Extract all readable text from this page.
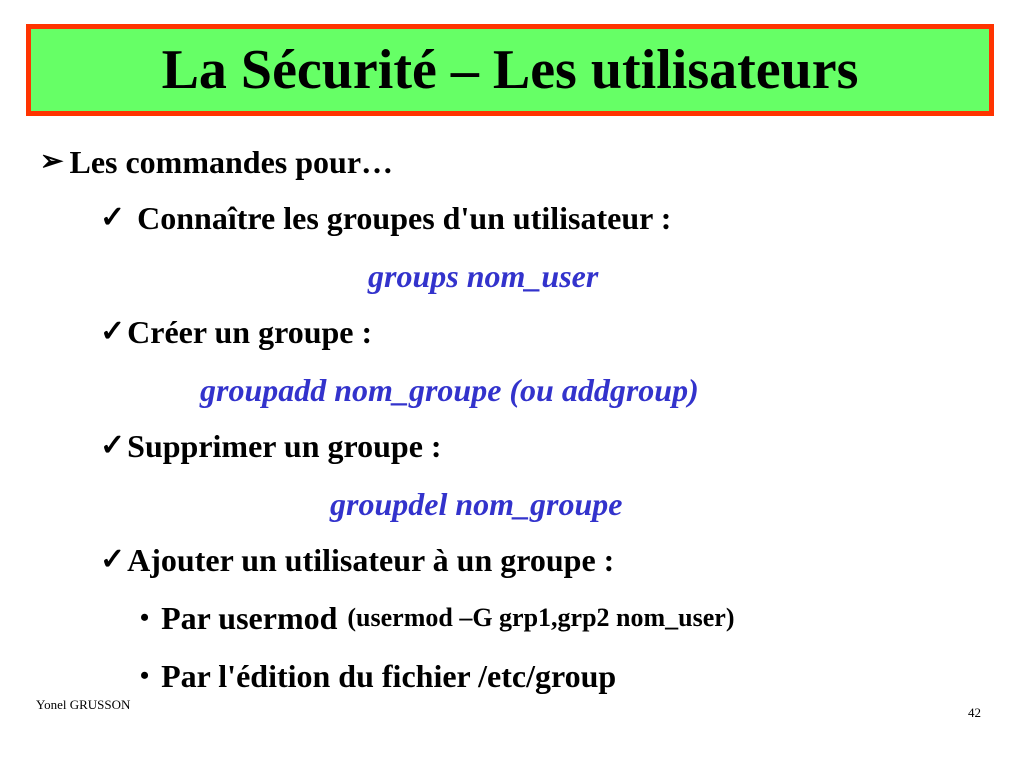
La Sécurité – Les utilisateurs
➢ Les commandes pour…
✓ Connaître les groupes d'un utilisateur :
groups nom_user
✓ Créer un groupe :
groupadd nom_groupe (ou addgroup)
✓ Supprimer un groupe :
groupdel nom_groupe
✓ Ajouter un utilisateur à un groupe :
• Par usermod (usermod –G grp1,grp2 nom_user)
• Par l'édition du fichier /etc/group
Yonel GRUSSON
42
